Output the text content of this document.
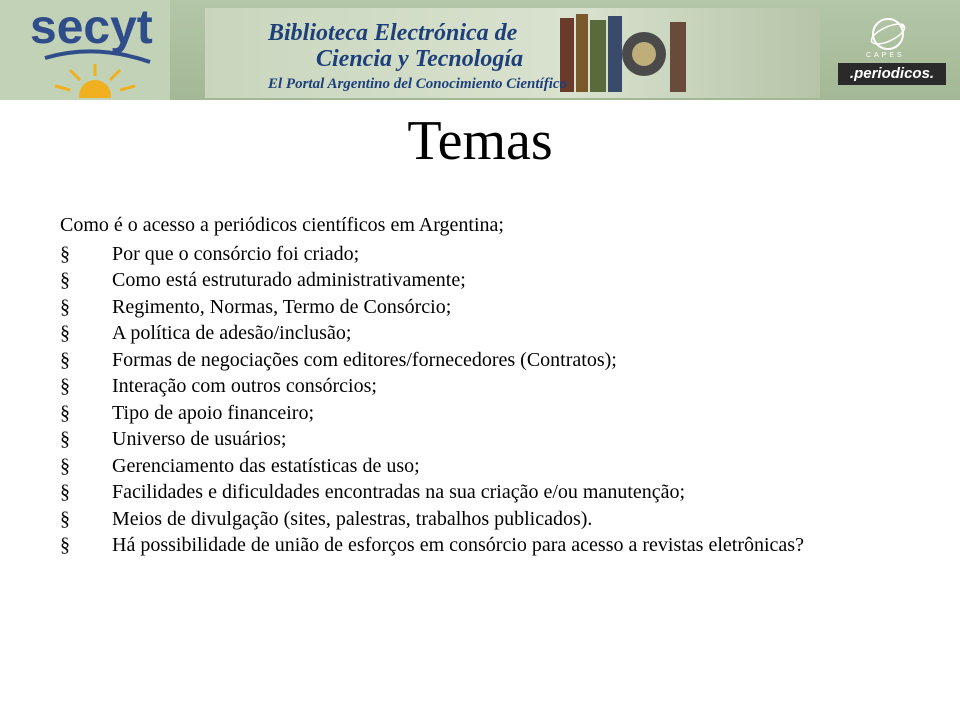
secyt	Biblioteca Electrónica de
Ciencia y Tecnología
El Portal Argentino del Conocimiento Científico
CAPES
.periodicos.
Temas
Como é o acesso a periódicos científicos em Argentina;
§ Por que o consórcio foi criado;
§ Como está estruturado administrativamente;
§ Regimento, Normas, Termo de Consórcio;
§ A política de adesão/inclusão;
§ Formas de negociações com editores/fornecedores (Contratos);
§ Interação com outros consórcios;
§ Tipo de apoio financeiro;
§ Universo de usuários;
§ Gerenciamento das estatísticas de uso;
§ Facilidades e dificuldades encontradas na sua criação e/ou manutenção;
§ Meios de divulgação (sites, palestras, trabalhos publicados).
§	Há possibilidade de união de esforços em consórcio para acesso a revistas eletrônicas?
